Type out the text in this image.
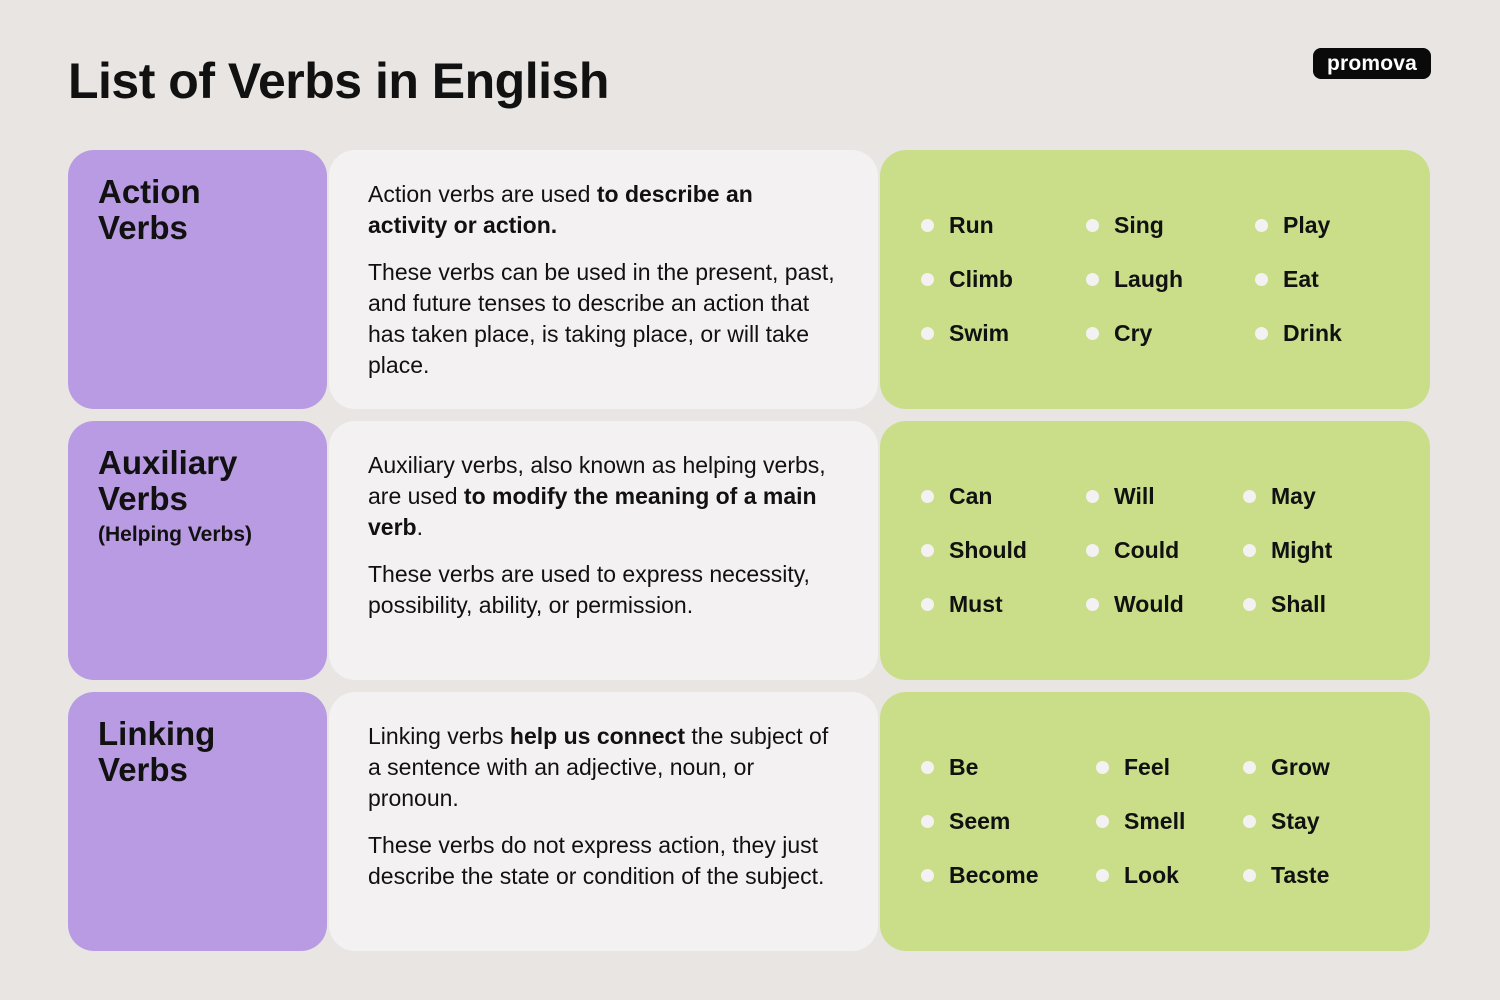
List of Verbs in English	promova
Action Verbs

Action verbs are used to describe an activity or action.

These verbs can be used in the present, past, and future tenses to describe an action that has taken place, is taking place, or will take place.

Run	Sing	Play
Climb	Laugh	Eat
Swim	Cry	Drink
Auxiliary Verbs
(Helping Verbs)

Auxiliary verbs, also known as helping verbs, are used to modify the meaning of a main verb.

These verbs are used to express necessity, possibility, ability, or permission.

Can	Will	May
Should	Could	Might
Must	Would	Shall
Linking Verbs

Linking verbs help us connect the subject of a sentence with an adjective, noun, or pronoun.

These verbs do not express action, they just describe the state or condition of the subject.

Be	Feel	Grow
Seem	Smell	Stay
Become	Look	Taste
